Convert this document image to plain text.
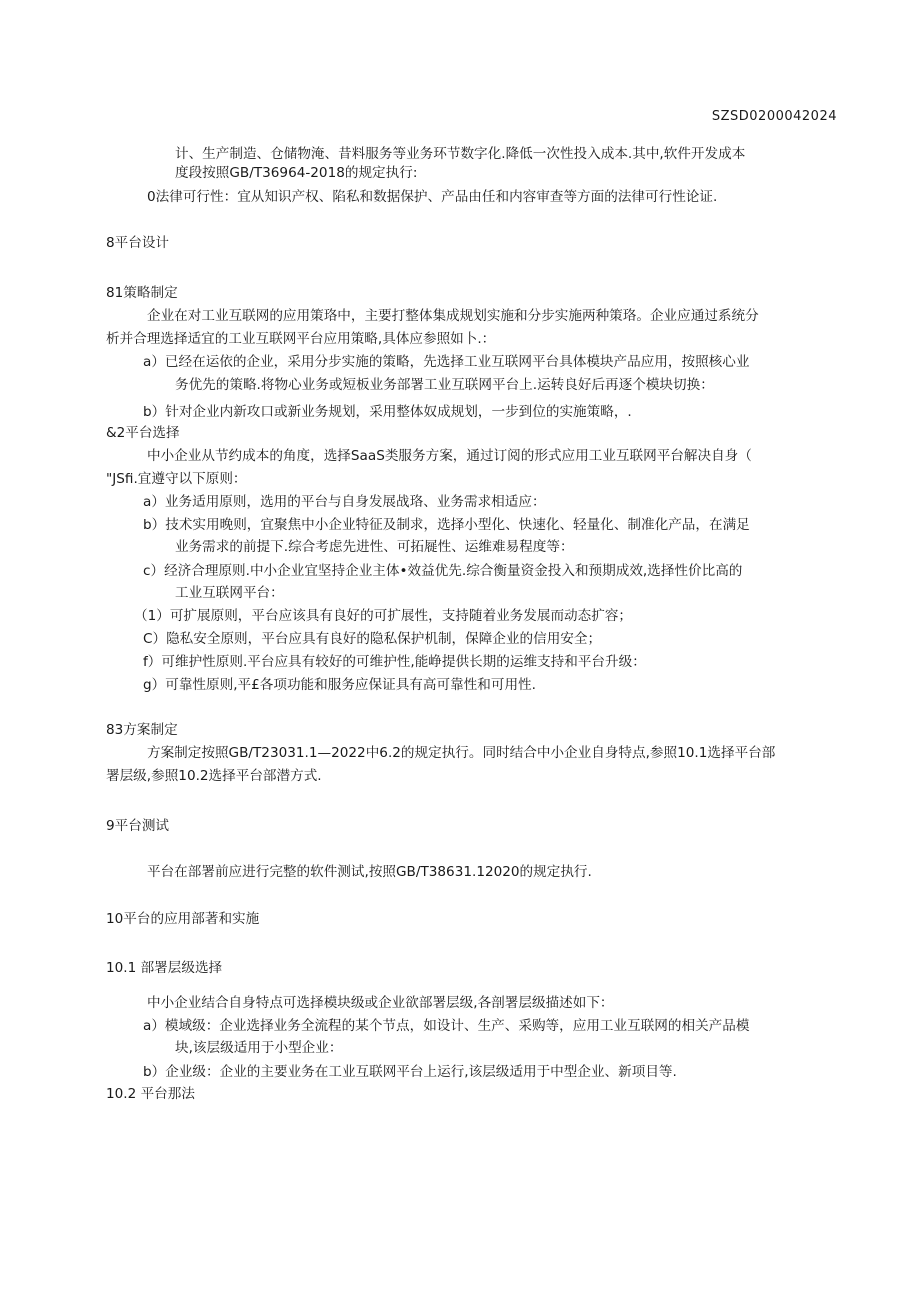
SZSD0200042024
计、生产制造、仓储物淹、昔料服务等业务环节数字化.降低一次性投入成本.其中,软件开发成本
度段按照GB/T36964-2018的规定执行:
0法律可行性：宜从知识产权、陷私和数据保护、产品由任和内容审查等方面的法律可行性论证.
8平台设计
81策略制定
企业在对工业互联网的应用策珞中，主要打整体集成规划实施和分步实施两种策珞。企业应通过系统分
析并合理选择适宜的工业互联网平台应用策略,具体应参照如卜.：
a）已经在运依的企业，采用分步实施的策略，先选择工业互联网平台具体模块产品应用，按照核心业
务优先的策略.将物心业务或短板业务部署工业互联网平台上.运转良好后再逐个模块切换：
b）针对企业内新攻口或新业务规划，采用整体奴成规划，一步到位的实施策略，.
&2平台选择
中小企业从节约成本的角度，选择SaaS类服务方案，通过订阅的形式应用工业互联网平台解决自身（
"JSfi.宜遵守以下原则：
a）业务适用原则，选用的平台与自身发展战珞、业务需求相适应：
b）技术实用晚则，宜聚焦中小企业特征及制求，选择小型化、快速化、轻量化、制准化产品，在满足
业务需求的前提下.综合考虑先进性、可拓屣性、运维难易程度等：
c）经济合理原则.中小企业宜坚持企业主体•效益优先.综合衡量资金投入和预期成效,选择性价比高的
工业互联网平台：
（1）可扩展原则，平台应该具有良好的可扩展性，支持随着业务发展而动态扩容；
C）隐私安全原则，平台应具有良好的隐私保护机制，保障企业的信用安全；
f）可维护性原则.平台应具有较好的可维护性,能峥提供长期的运维支持和平台升级：
g）可靠性原则,平£各项功能和服务应保证具有高可靠性和可用性.
83方案制定
方案制定按照GB/T23031.1—2022中6.2的规定执行。同时结合中小企业自身特点,参照10.1选择平台部
署层级,参照10.2选择平台部潜方式.
9平台测试
平台在部署前应进行完整的软件测试,按照GB/T38631.12020的规定执行.
10平台的应用部著和实施
10.1 部署层级选择
中小企业结合自身特点可选择模块级或企业欲部署层级,各剖署层级描述如下：
a）模域级：企业选择业务全流程的某个节点，如设计、生产、采购等，应用工业互联网的相关产品模
块,该层级适用于小型企业：
b）企业级：企业的主要业务在工业互联网平台上运行,该层级适用于中型企业、新项目等.
10.2 平台那法
